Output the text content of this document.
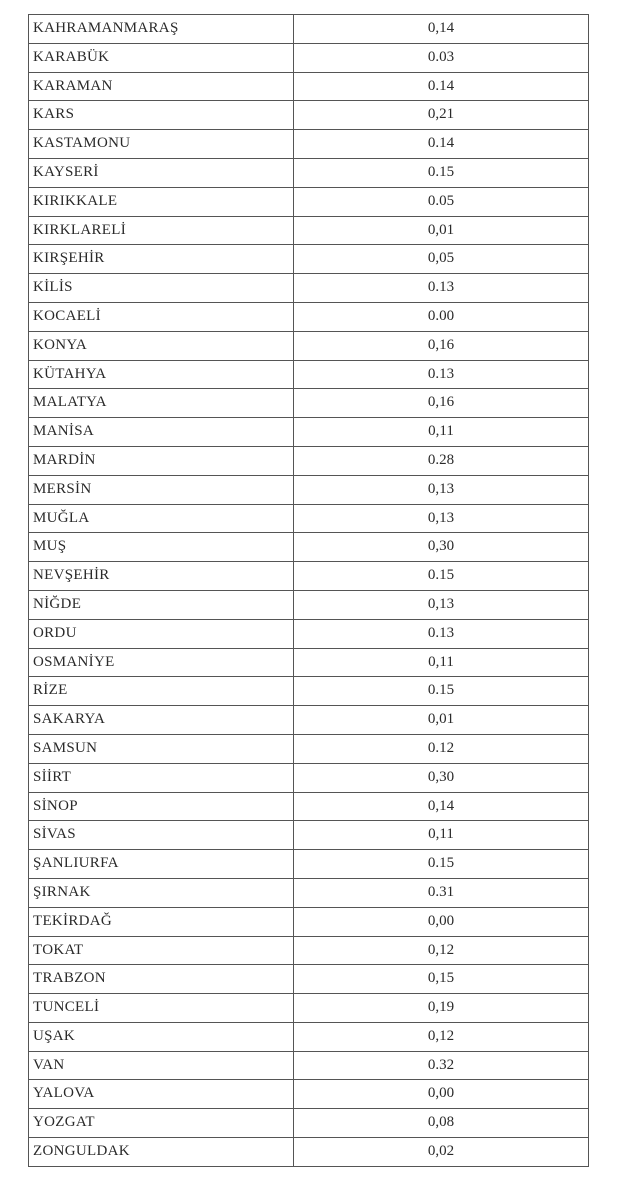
KAHRAMANMARAŞ	0,14
KARABÜK	0.03
KARAMAN	0.14
KARS	0,21
KASTAMONU	0.14
KAYSERİ	0.15
KIRIKKALE	0.05
KIRKLARELİ	0,01
KIRŞEHİR	0,05
KİLİS	0.13
KOCAELİ	0.00
KONYA	0,16
KÜTAHYA	0.13
MALATYA	0,16
MANİSA	0,11
MARDİN	0.28
MERSİN	0,13
MUĞLA	0,13
MUŞ	0,30
NEVŞEHİR	0.15
NİĞDE	0,13
ORDU	0.13
OSMANİYE	0,11
RİZE	0.15
SAKARYA	0,01
SAMSUN	0.12
SİİRT	0,30
SİNOP	0,14
SİVAS	0,11
ŞANLIURFA	0.15
ŞIRNAK	0.31
TEKİRDAĞ	0,00
TOKAT	0,12
TRABZON	0,15
TUNCELİ	0,19
UŞAK	0,12
VAN	0.32
YALOVA	0,00
YOZGAT	0,08
ZONGULDAK	0,02
